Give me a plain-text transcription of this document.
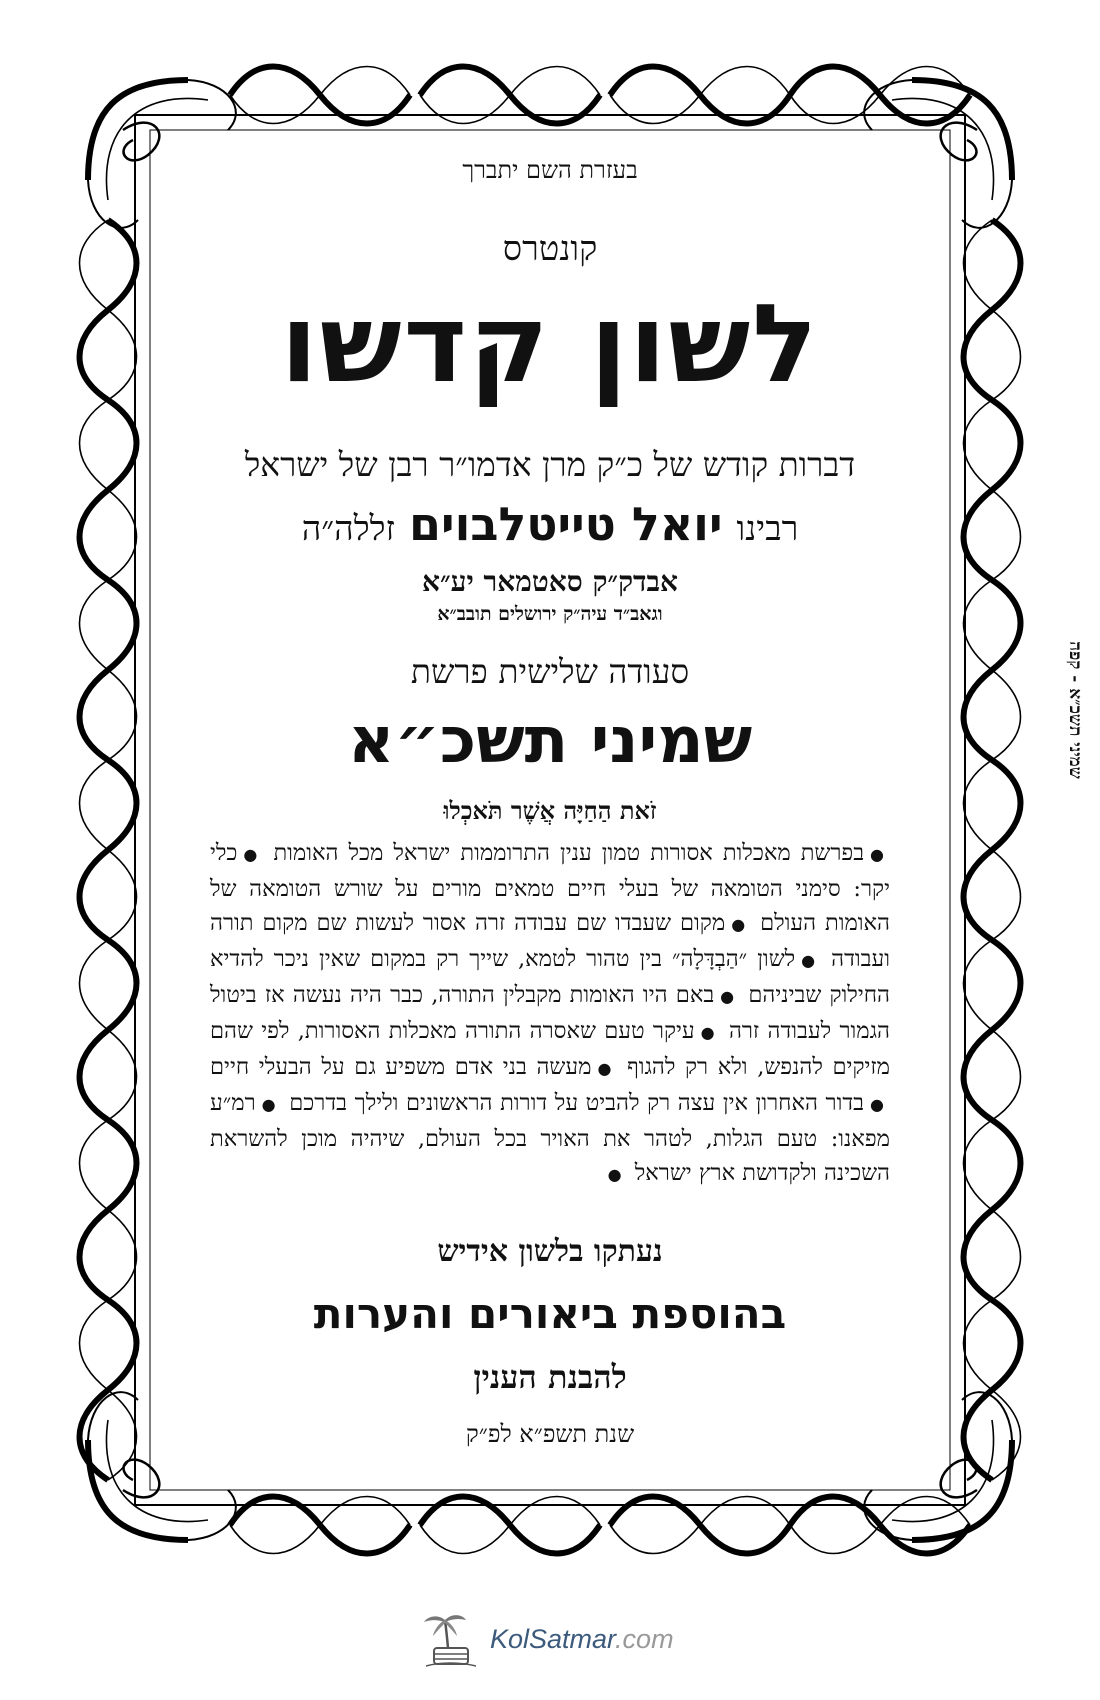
בעזרת השם יתברך

קונטרס

לשון קדשו

דברות קודש של כ״ק מרן אדמו״ר רבן של ישראל

רבינו
יואל טייטלבוים
זללה״ה

אבדק״ק סאטמאר יע״א

וגאב״ד עיה״ק ירושלים תובב״א

סעודה שלישית פרשת

שמיני תשכ״א

זֹאת הַחַיָּה אֲשֶׁר תֹּאכְלוּ

●בפרשת מאכלות אסורות טמון ענין התרוממות ישראל מכל האומות ●כלי יקר: סימני הטומאה של בעלי חיים טמאים מורים על שורש הטומאה של האומות העולם ●מקום שעבדו שם עבודה זרה אסור לעשות שם מקום תורה ועבודה ●לשון ״הַבְדָּלָה״ בין טהור לטמא, שייך רק במקום שאין ניכר להדיא החילוק שביניהם ●באם היו האומות מקבלין התורה, כבר היה נעשה אז ביטול הגמור לעבודה זרה ●עיקר טעם שאסרה התורה מאכלות האסורות, לפי שהם מזיקים להנפש, ולא רק להגוף ●מעשה בני אדם משפיע גם על הבעלי חיים ●בדור האחרון אין עצה רק להביט על דורות הראשונים ולילך בדרכם ●רמ״ע מפאנו: טעם הגלות, לטהר את האויר בכל העולם, שיהיה מוכן להשראת השכינה ולקדושת ארץ ישראל ●

נעתקו בלשון אידיש

בהוספת ביאורים והערות

להבנת הענין

שנת תשפ״א לפ״ק

שמיני תשכ״א - קפה
KolSatmar.com
